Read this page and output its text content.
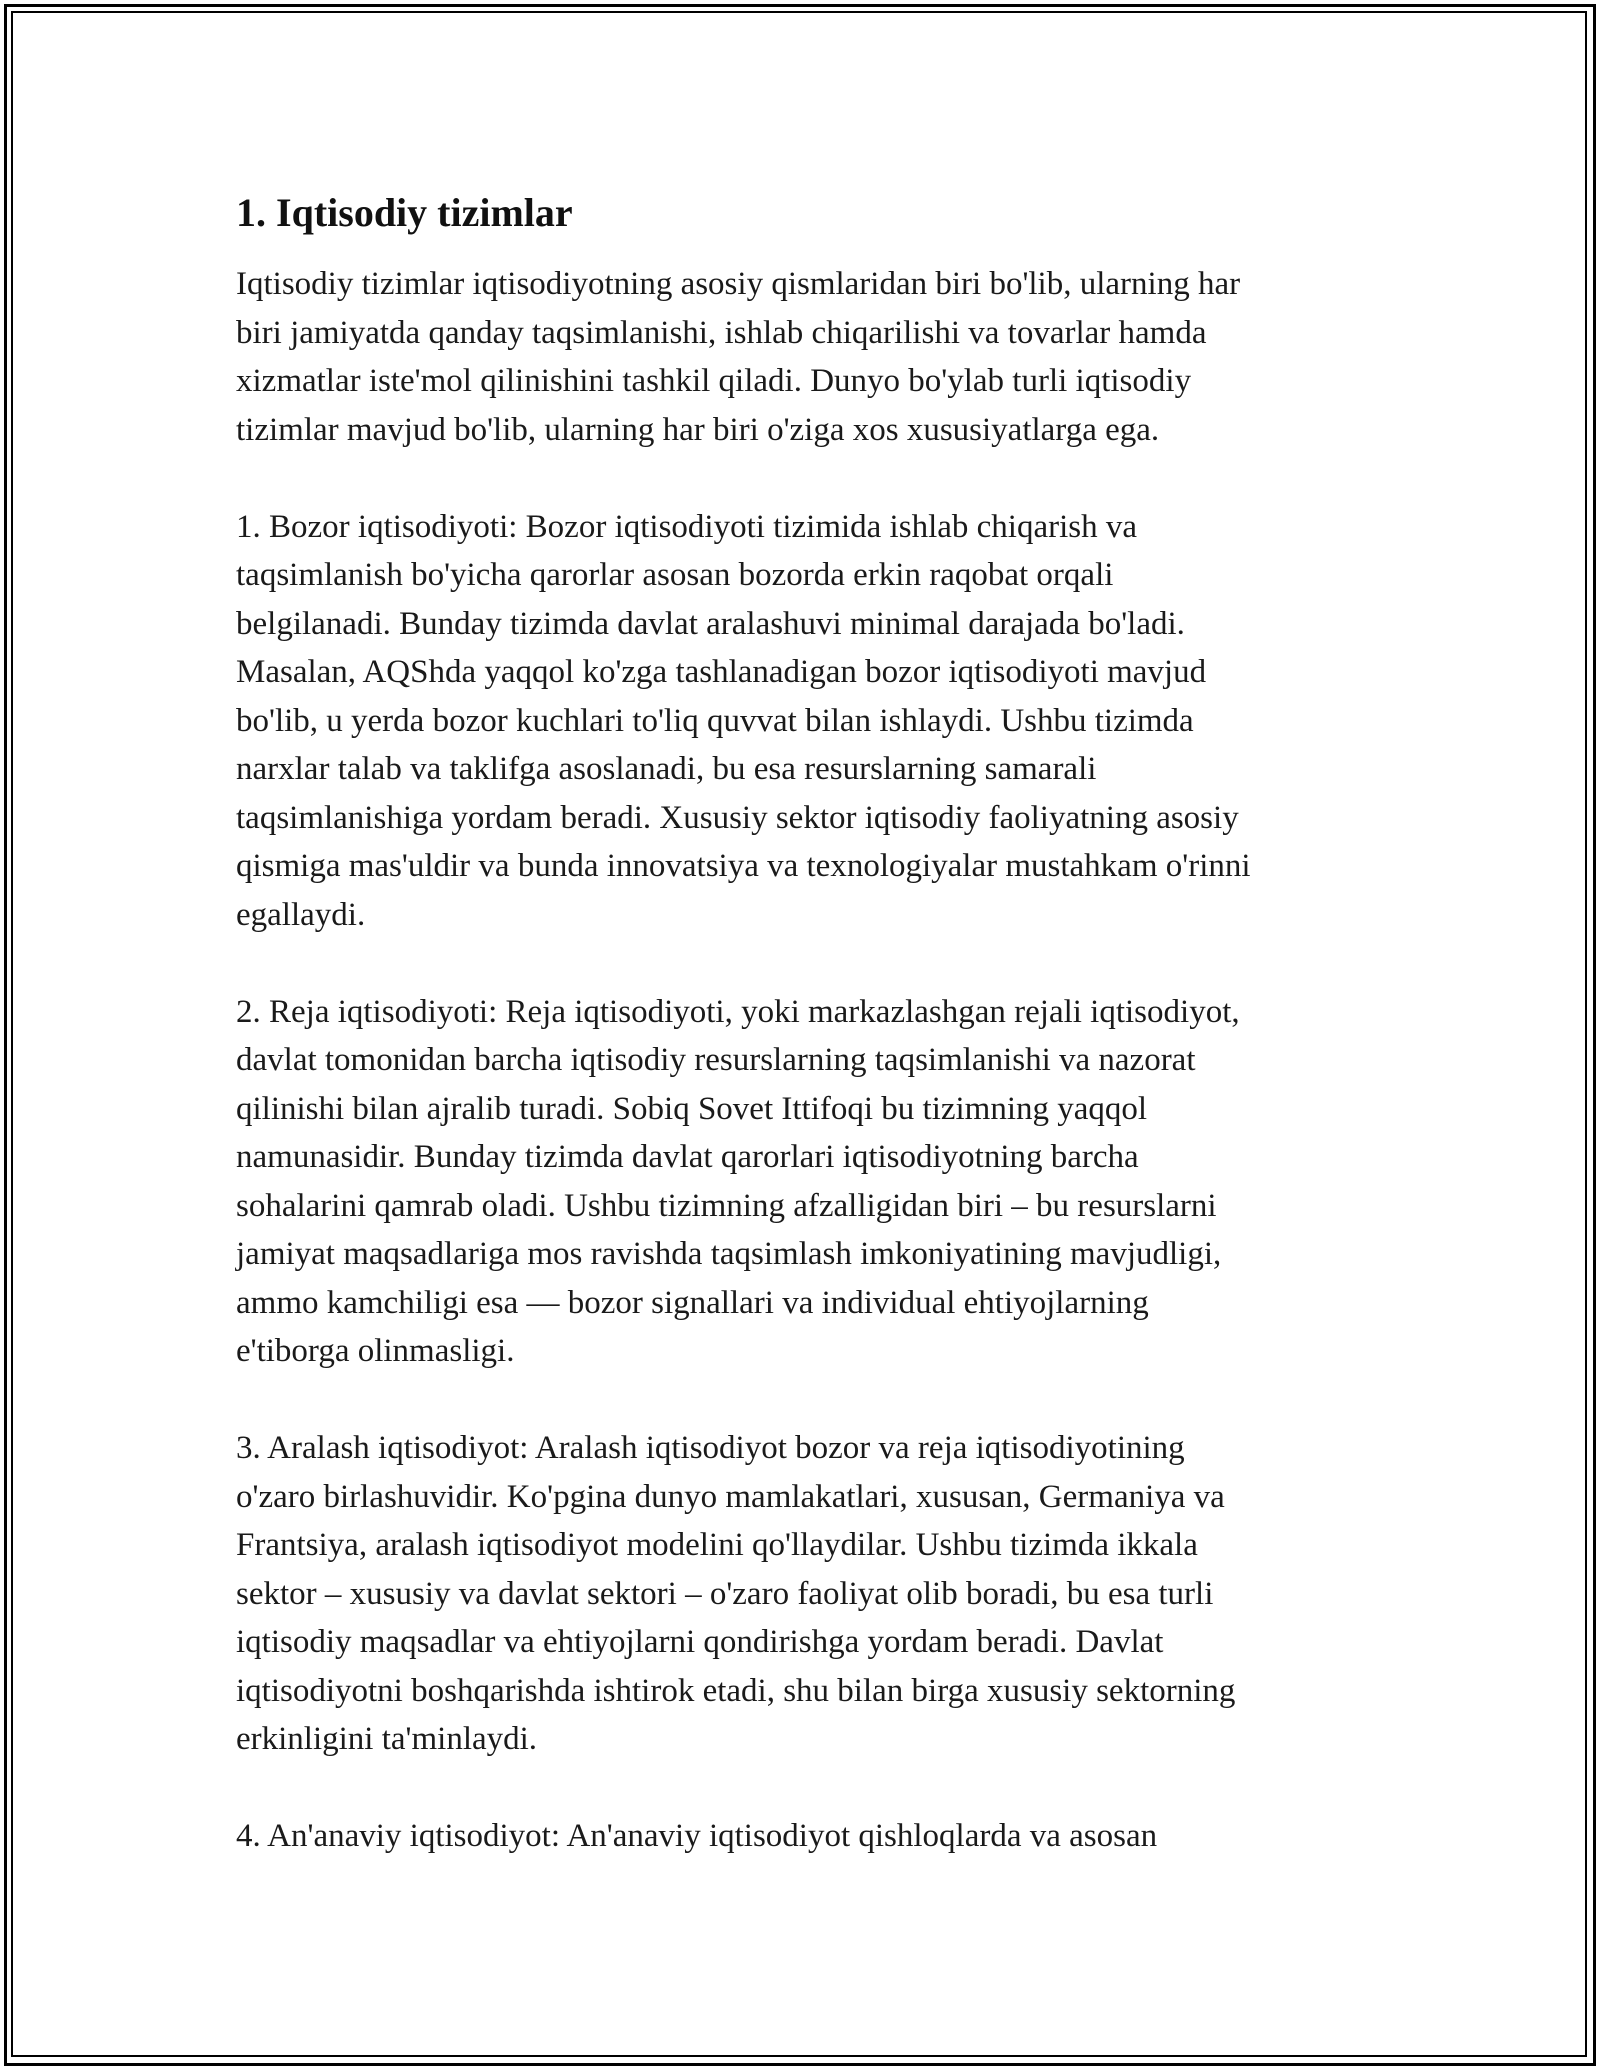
1. Iqtisodiy tizimlar
Iqtisodiy tizimlar iqtisodiyotning asosiy qismlaridan biri bo'lib, ularning har
biri jamiyatda qanday taqsimlanishi, ishlab chiqarilishi va tovarlar hamda
xizmatlar iste'mol qilinishini tashkil qiladi. Dunyo bo'ylab turli iqtisodiy
tizimlar mavjud bo'lib, ularning har biri o'ziga xos xususiyatlarga ega.
1. Bozor iqtisodiyoti: Bozor iqtisodiyoti tizimida ishlab chiqarish va
taqsimlanish bo'yicha qarorlar asosan bozorda erkin raqobat orqali
belgilanadi. Bunday tizimda davlat aralashuvi minimal darajada bo'ladi.
Masalan, AQShda yaqqol ko'zga tashlanadigan bozor iqtisodiyoti mavjud
bo'lib, u yerda bozor kuchlari to'liq quvvat bilan ishlaydi. Ushbu tizimda
narxlar talab va taklifga asoslanadi, bu esa resurslarning samarali
taqsimlanishiga yordam beradi. Xususiy sektor iqtisodiy faoliyatning asosiy
qismiga mas'uldir va bunda innovatsiya va texnologiyalar mustahkam o'rinni
egallaydi.
2. Reja iqtisodiyoti: Reja iqtisodiyoti, yoki markazlashgan rejali iqtisodiyot,
davlat tomonidan barcha iqtisodiy resurslarning taqsimlanishi va nazorat
qilinishi bilan ajralib turadi. Sobiq Sovet Ittifoqi bu tizimning yaqqol
namunasidir. Bunday tizimda davlat qarorlari iqtisodiyotning barcha
sohalarini qamrab oladi. Ushbu tizimning afzalligidan biri – bu resurslarni
jamiyat maqsadlariga mos ravishda taqsimlash imkoniyatining mavjudligi,
ammo kamchiligi esa — bozor signallari va individual ehtiyojlarning
e'tiborga olinmasligi.
3. Aralash iqtisodiyot: Aralash iqtisodiyot bozor va reja iqtisodiyotining
o'zaro birlashuvidir. Ko'pgina dunyo mamlakatlari, xususan, Germaniya va
Frantsiya, aralash iqtisodiyot modelini qo'llaydilar. Ushbu tizimda ikkala
sektor – xususiy va davlat sektori – o'zaro faoliyat olib boradi, bu esa turli
iqtisodiy maqsadlar va ehtiyojlarni qondirishga yordam beradi. Davlat
iqtisodiyotni boshqarishda ishtirok etadi, shu bilan birga xususiy sektorning
erkinligini ta'minlaydi.
4. An'anaviy iqtisodiyot: An'anaviy iqtisodiyot qishloqlarda va asosan
